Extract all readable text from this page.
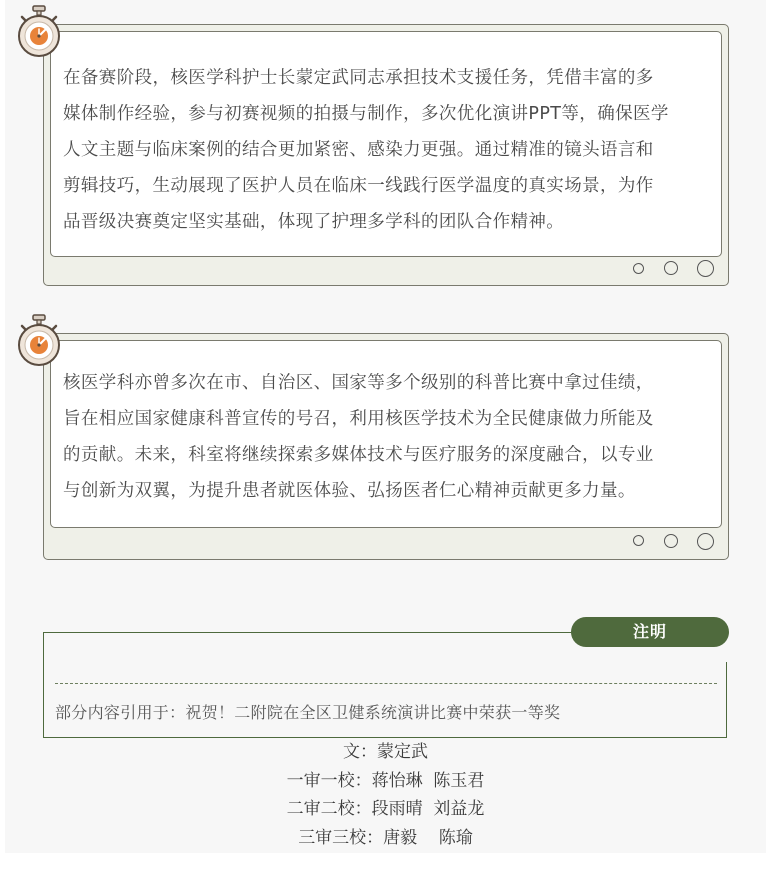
在备赛阶段，核医学科护士长蒙定武同志承担技术支援任务，凭借丰富的多
媒体制作经验，参与初赛视频的拍摄与制作，多次优化演讲PPT等，确保医学
人文主题与临床案例的结合更加紧密、感染力更强。通过精准的镜头语言和
剪辑技巧，生动展现了医护人员在临床一线践行医学温度的真实场景，为作
品晋级决赛奠定坚实基础，体现了护理多学科的团队合作精神。
核医学科亦曾多次在市、自治区、国家等多个级别的科普比赛中拿过佳绩，
旨在相应国家健康科普宣传的号召，利用核医学技术为全民健康做力所能及
的贡献。未来，科室将继续探索多媒体技术与医疗服务的深度融合，以专业
与创新为双翼，为提升患者就医体验、弘扬医者仁心精神贡献更多力量。
注明
部分内容引用于：祝贺！二附院在全区卫健系统演讲比赛中荣获一等奖
文：蒙定武
一审一校：蒋怡琳  陈玉君
二审二校：段雨晴  刘益龙
三审三校：唐毅    陈瑜
